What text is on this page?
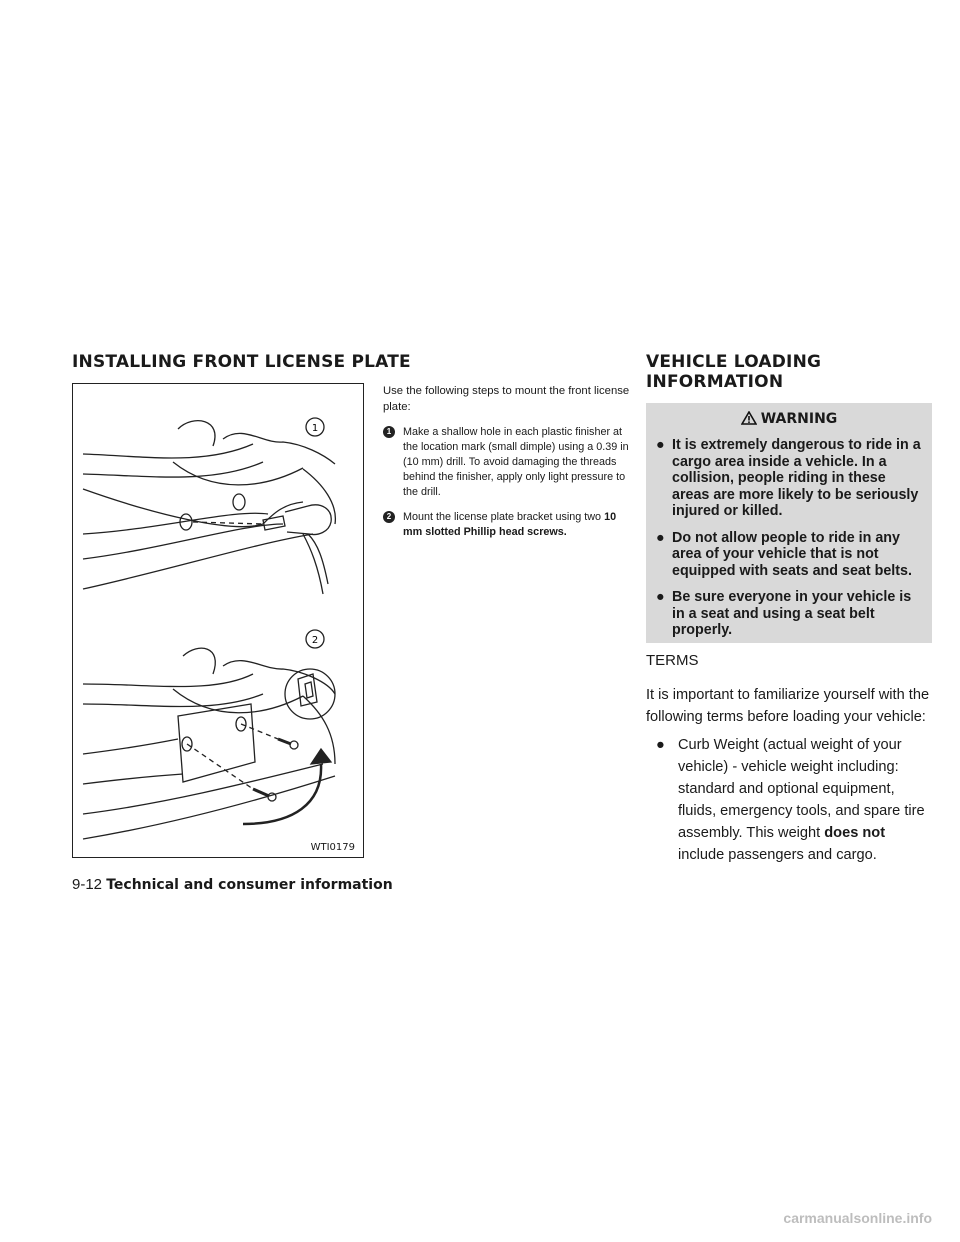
INSTALLING FRONT LICENSE PLATE	VEHICLE LOADING INFORMATION
1
2
WTI0179

Use the following steps to mount the front license plate:

1	Make a shallow hole in each plastic finisher at the location mark (small dimple) using a 0.39 in (10 mm) drill. To avoid damaging the threads behind the finisher, apply only light pressure to the drill.
2	Mount the license plate bracket using two 10 mm slotted Phillip head screws.
WARNING
● It is extremely dangerous to ride in a cargo area inside a vehicle. In a collision, people riding in these areas are more likely to be seriously injured or killed.
● Do not allow people to ride in any area of your vehicle that is not equipped with seats and seat belts.
● Be sure everyone in your vehicle is in a seat and using a seat belt properly.
TERMS

It is important to familiarize yourself with the following terms before loading your vehicle:

● Curb Weight (actual weight of your vehicle) - vehicle weight including: standard and optional equipment, fluids, emergency tools, and spare tire assembly. This weight does not include passengers and cargo.
9-12 Technical and consumer information
carmanualsonline.info
